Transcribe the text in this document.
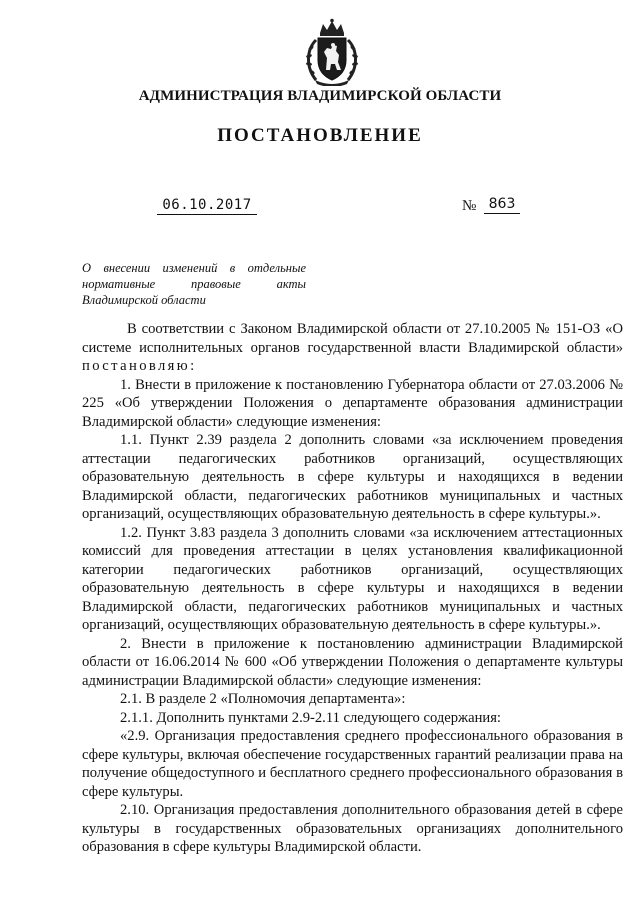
АДМИНИСТРАЦИЯ ВЛАДИМИРСКОЙ ОБЛАСТИ
ПОСТАНОВЛЕНИЕ
06.10.2017	№ 863
О внесении изменений в отдельные
нормативные правовые акты
Владимирской области

В соответствии с Законом Владимирской области от 27.10.2005 № 151-ОЗ «О системе исполнительных органов государственной власти Владимирской области» постановляю:

1. Внести в приложение к постановлению Губернатора области от 27.03.2006 № 225 «Об утверждении Положения о департаменте образования администрации Владимирской области» следующие изменения:

1.1. Пункт 2.39 раздела 2 дополнить словами «за исключением проведения аттестации педагогических работников организаций, осуществляющих образовательную деятельность в сфере культуры и находящихся в ведении Владимирской области, педагогических работников муниципальных и частных организаций, осуществляющих образовательную деятельность в сфере культуры.».

1.2. Пункт 3.83 раздела 3 дополнить словами «за исключением аттестационных комиссий для проведения аттестации в целях установления квалификационной категории педагогических работников организаций, осуществляющих образовательную деятельность в сфере культуры и находящихся в ведении Владимирской области, педагогических работников муниципальных и частных организаций, осуществляющих образовательную деятельность в сфере культуры.».

2. Внести в приложение к постановлению администрации Владимирской области от 16.06.2014 № 600 «Об утверждении Положения о департаменте культуры администрации Владимирской области» следующие изменения:

2.1. В разделе 2 «Полномочия департамента»:

2.1.1. Дополнить пунктами 2.9-2.11 следующего содержания:

«2.9. Организация предоставления среднего профессионального образования в сфере культуры, включая обеспечение государственных гарантий реализации права на получение общедоступного и бесплатного среднего профессионального образования в сфере культуры.

2.10. Организация предоставления дополнительного образования детей в сфере культуры в государственных образовательных организациях дополнительного образования в сфере культуры Владимирской области.
